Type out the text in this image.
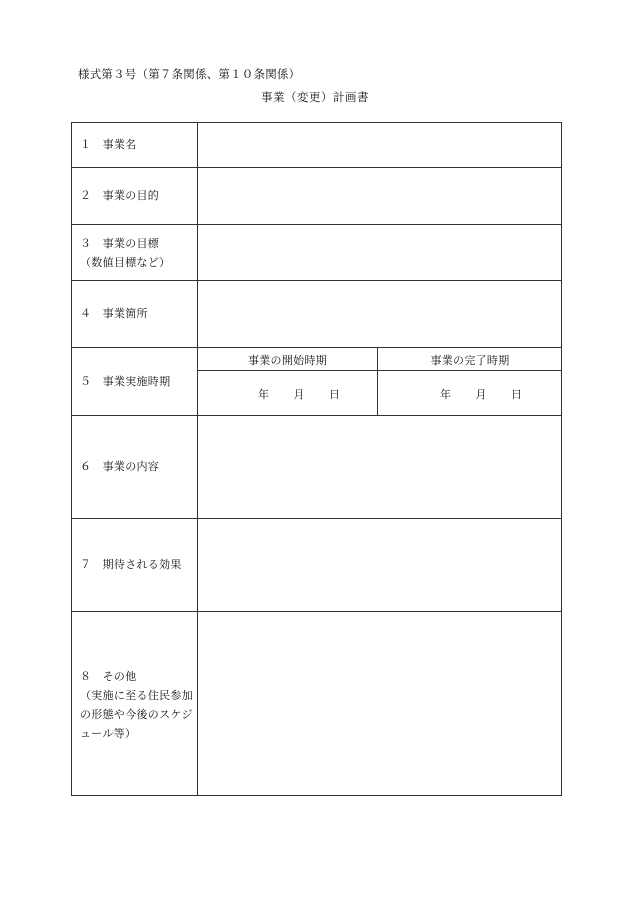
様式第３号（第７条関係、第１０条関係）
事業（変更）計画書
１　事業名
２　事業の目的
３　事業の目標
（数値目標など）
４　事業箇所
５　事業実施時期
６　事業の内容
７　期待される効果
８　その他
（実施に至る住民参加の形態や今後のスケジュール等）
事業の開始時期	事業の完了時期
年 月 日	年 月 日
